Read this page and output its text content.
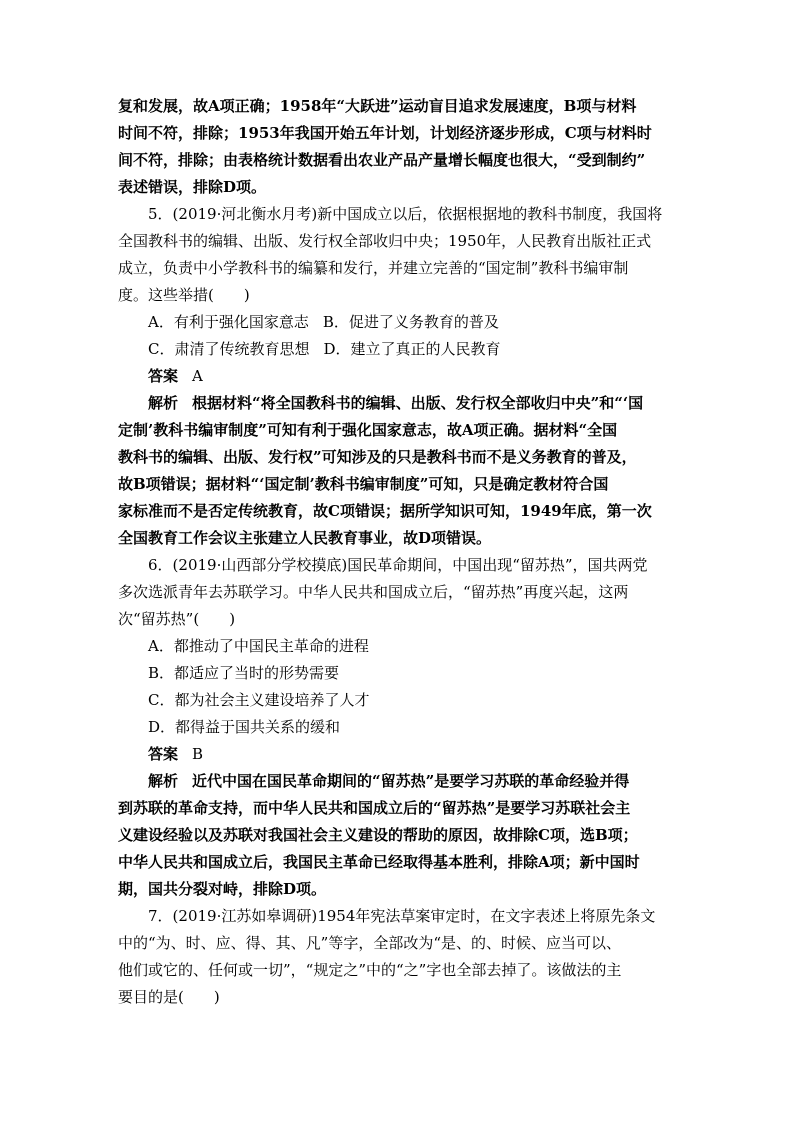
复和发展，故A项正确；1958年“大跃进”运动盲目追求发展速度，B项与材料
时间不符，排除；1953年我国开始五年计划，计划经济逐步形成，C项与材料时
间不符，排除；由表格统计数据看出农业产品产量增长幅度也很大，“受到制约”
表述错误，排除D项。
5．(2019·河北衡水月考)新中国成立以后，依据根据地的教科书制度，我国将
全国教科书的编辑、出版、发行权全部收归中央；1950年，人民教育出版社正式
成立，负责中小学教科书的编纂和发行，并建立完善的“国定制”教科书编审制
度。这些举措(　　)
A．有利于强化国家意志 B．促进了义务教育的普及
C．肃清了传统教育思想 D．建立了真正的人民教育
答案 A
解析 根据材料“将全国教科书的编辑、出版、发行权全部收归中央”和“‘国
定制’教科书编审制度”可知有利于强化国家意志，故A项正确。据材料“全国
教科书的编辑、出版、发行权”可知涉及的只是教科书而不是义务教育的普及，
故B项错误；据材料“‘国定制’教科书编审制度”可知，只是确定教材符合国
家标准而不是否定传统教育，故C项错误；据所学知识可知，1949年底，第一次
全国教育工作会议主张建立人民教育事业，故D项错误。
6．(2019·山西部分学校摸底)国民革命期间，中国出现“留苏热”，国共两党
多次选派青年去苏联学习。中华人民共和国成立后，“留苏热”再度兴起，这两
次“留苏热”(　　)
A．都推动了中国民主革命的进程
B．都适应了当时的形势需要
C．都为社会主义建设培养了人才
D．都得益于国共关系的缓和
答案 B
解析 近代中国在国民革命期间的“留苏热”是要学习苏联的革命经验并得
到苏联的革命支持，而中华人民共和国成立后的“留苏热”是要学习苏联社会主
义建设经验以及苏联对我国社会主义建设的帮助的原因，故排除C项，选B项；
中华人民共和国成立后，我国民主革命已经取得基本胜利，排除A项；新中国时
期，国共分裂对峙，排除D项。
7．(2019·江苏如皋调研)1954年宪法草案审定时，在文字表述上将原先条文
中的“为、时、应、得、其、凡”等字，全部改为“是、的、时候、应当可以、
他们或它的、任何或一切”，“规定之”中的“之”字也全部去掉了。该做法的主
要目的是(　　)
